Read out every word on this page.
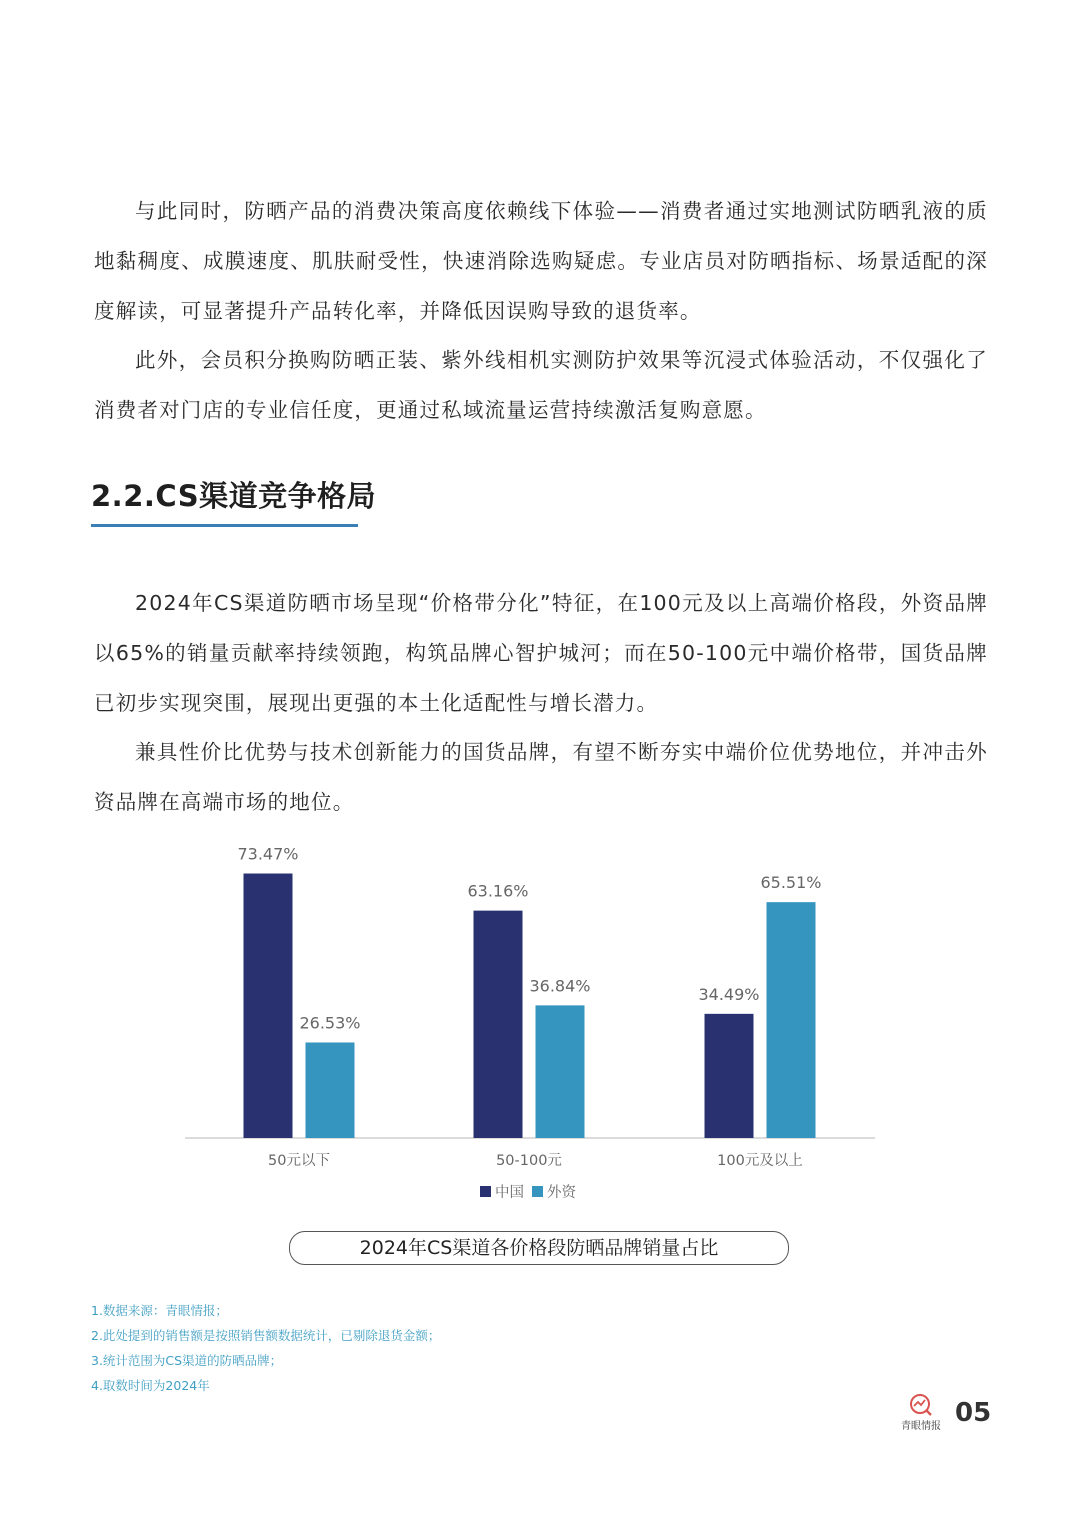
与此同时，防晒产品的消费决策高度依赖线下体验——消费者通过实地测试防晒乳液的质地黏稠度、成膜速度、肌肤耐受性，快速消除选购疑虑。专业店员对防晒指标、场景适配的深度解读，可显著提升产品转化率，并降低因误购导致的退货率。

此外，会员积分换购防晒正装、紫外线相机实测防护效果等沉浸式体验活动，不仅强化了消费者对门店的专业信任度，更通过私域流量运营持续激活复购意愿。

2.2.CS渠道竞争格局

2024年CS渠道防晒市场呈现“价格带分化”特征，在100元及以上高端价格段，外资品牌以65%的销量贡献率持续领跑，构筑品牌心智护城河；而在50-100元中端价格带，国货品牌已初步实现突围，展现出更强的本土化适配性与增长潜力。

兼具性价比优势与技术创新能力的国货品牌，有望不断夯实中端价位优势地位，并冲击外资品牌在高端市场的地位。

73.47%
26.53%
50元以下
63.16%
36.84%
50-100元
34.49%
65.51%
100元及以上
中国 外资
2024年CS渠道各价格段防晒品牌销量占比
1.数据来源：青眼情报；
2.此处提到的销售额是按照销售额数据统计，已剔除退货金额；
3.统计范围为CS渠道的防晒品牌；
4.取数时间为2024年
青眼情报 05
